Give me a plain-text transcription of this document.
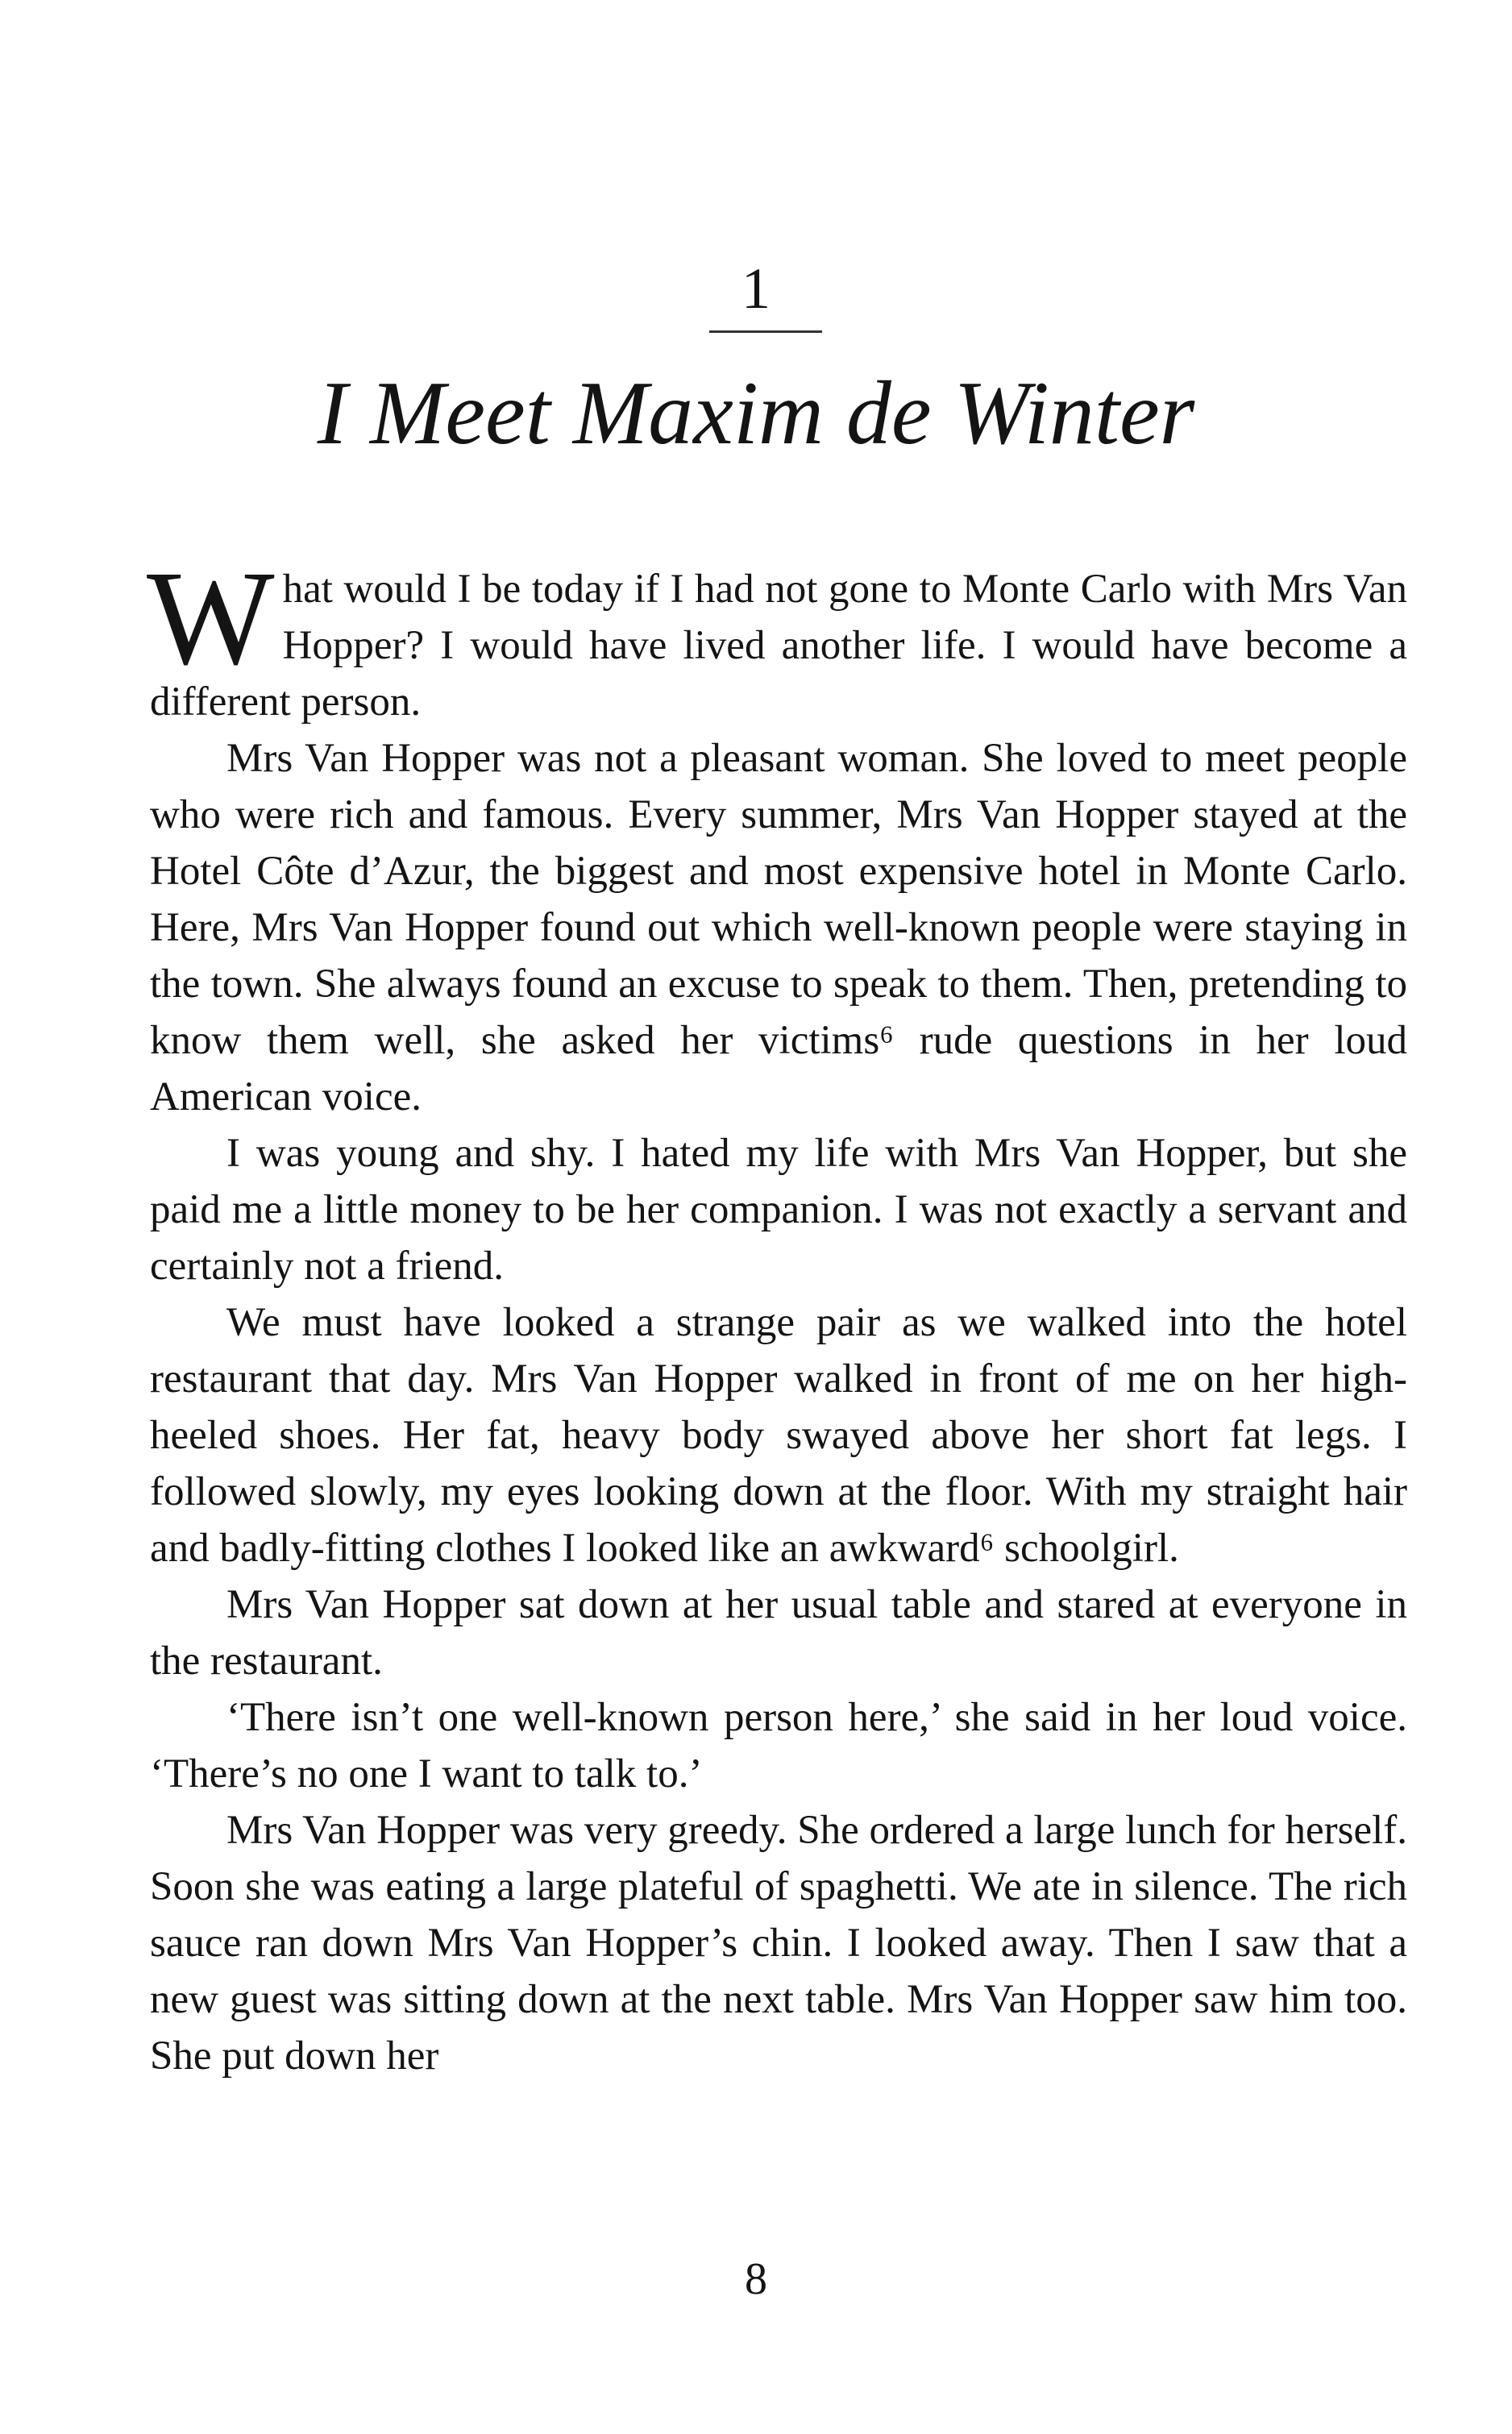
1
I Meet Maxim de Winter

What would I be today if I had not gone to Monte Carlo with Mrs Van Hopper? I would have lived another life. I would have become a different person.

Mrs Van Hopper was not a pleasant woman. She loved to meet people who were rich and famous. Every summer, Mrs Van Hopper stayed at the Hotel Côte d’Azur, the biggest and most expensive hotel in Monte Carlo. Here, Mrs Van Hopper found out which well-known people were staying in the town. She always found an excuse to speak to them. Then, pretending to know them well, she asked her victims⁶ rude questions in her loud American voice.

I was young and shy. I hated my life with Mrs Van Hopper, but she paid me a little money to be her companion. I was not exactly a servant and certainly not a friend.

We must have looked a strange pair as we walked into the hotel restaurant that day. Mrs Van Hopper walked in front of me on her high-heeled shoes. Her fat, heavy body swayed above her short fat legs. I followed slowly, my eyes looking down at the floor. With my straight hair and badly-fitting clothes I looked like an awkward⁶ schoolgirl.

Mrs Van Hopper sat down at her usual table and stared at everyone in the restaurant.

‘There isn’t one well-known person here,’ she said in her loud voice. ‘There’s no one I want to talk to.’

Mrs Van Hopper was very greedy. She ordered a large lunch for herself. Soon she was eating a large plateful of spaghetti. We ate in silence. The rich sauce ran down Mrs Van Hopper’s chin. I looked away. Then I saw that a new guest was sitting down at the next table. Mrs Van Hopper saw him too. She put down her

8
